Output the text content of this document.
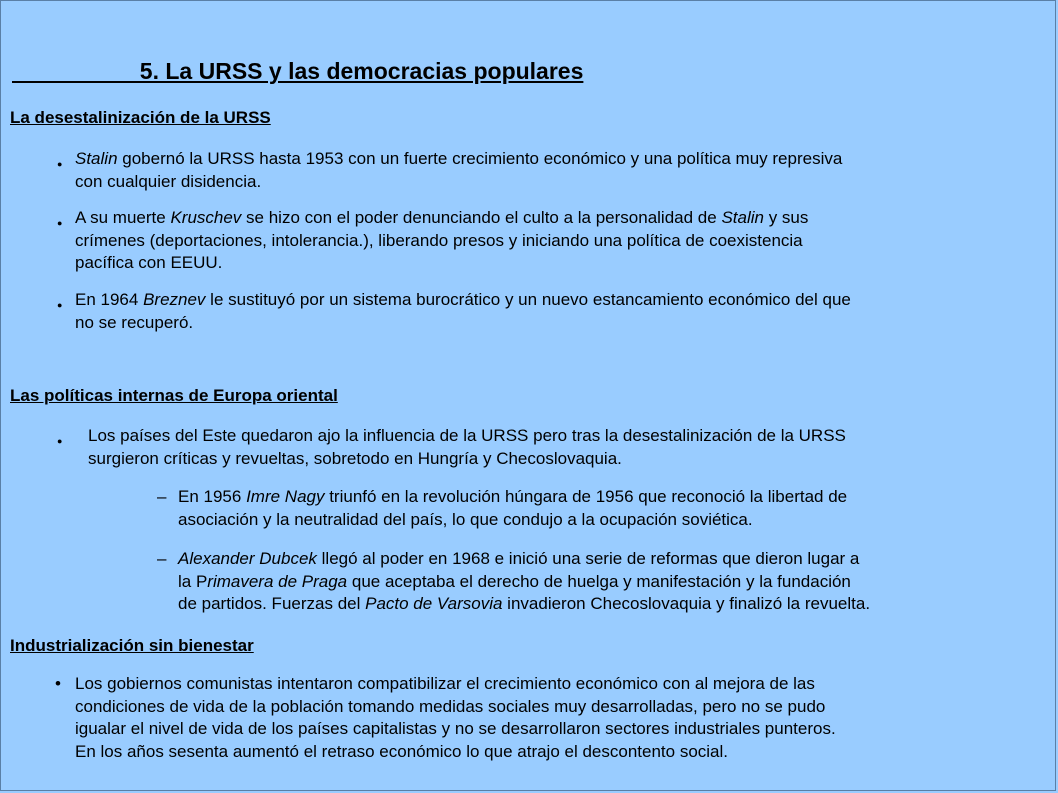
5. La URSS y las democracias populares
La desestalinización de la URSS
● Stalin gobernó la URSS hasta 1953 con un fuerte crecimiento económico y una política muy represiva
con cualquier disidencia.
● A su muerte Kruschev se hizo con el poder denunciando el culto a la personalidad de Stalin y sus
crímenes (deportaciones, intolerancia.), liberando presos y iniciando una política de coexistencia
pacífica con EEUU.
● En 1964 Breznev le sustituyó por un sistema burocrático y un nuevo estancamiento económico del que
no se recuperó.
Las políticas internas de Europa oriental
● Los países del Este quedaron ajo la influencia de la URSS pero tras la desestalinización de la URSS
surgieron críticas y revueltas, sobretodo en Hungría y Checoslovaquia.
– En 1956 Imre Nagy triunfó en la revolución húngara de 1956 que reconoció la libertad de
asociación y la neutralidad del país, lo que condujo a la ocupación soviética.
– Alexander Dubcek llegó al poder en 1968 e inició una serie de reformas que dieron lugar a
la Primavera de Praga que aceptaba el derecho de huelga y manifestación y la fundación
de partidos. Fuerzas del Pacto de Varsovia invadieron Checoslovaquia y finalizó la revuelta.
Industrialización sin bienestar
• Los gobiernos comunistas intentaron compatibilizar el crecimiento económico con al mejora de las
condiciones de vida de la población tomando medidas sociales muy desarrolladas, pero no se pudo
igualar el nivel de vida de los países capitalistas y no se desarrollaron sectores industriales punteros.
En los años sesenta aumentó el retraso económico lo que atrajo el descontento social.
